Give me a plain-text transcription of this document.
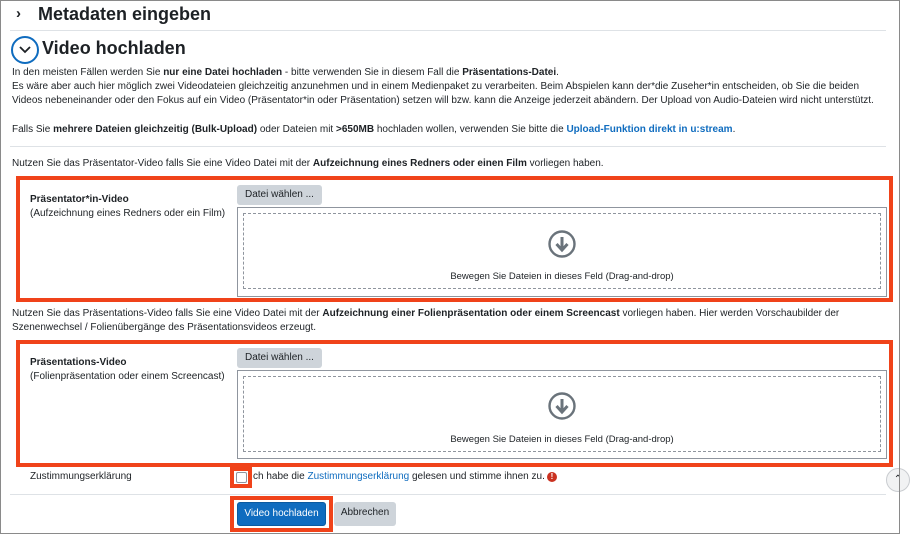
› Metadaten eingeben
Video hochladen
In den meisten Fällen werden Sie nur eine Datei hochladen - bitte verwenden Sie in diesem Fall die Präsentations-Datei.
Es wäre aber auch hier möglich zwei Videodateien gleichzeitig anzunehmen und in einem Medienpaket zu verarbeiten. Beim Abspielen kann der*die Zuseher*in entscheiden, ob Sie die beiden
Videos nebeneinander oder den Fokus auf ein Video (Präsentator*in oder Präsentation) setzen will bzw. kann die Anzeige jederzeit abändern. Der Upload von Audio-Dateien wird nicht unterstützt.
Falls Sie mehrere Dateien gleichzeitig (Bulk-Upload) oder Dateien mit >650MB hochladen wollen, verwenden Sie bitte die Upload-Funktion direkt in u:stream.
Nutzen Sie das Präsentator-Video falls Sie eine Video Datei mit der Aufzeichnung eines Redners oder einen Film vorliegen haben.
Präsentator*in-Video
(Aufzeichnung eines Redners oder ein Film)
Datei wählen ...
Bewegen Sie Dateien in dieses Feld (Drag-and-drop)
Nutzen Sie das Präsentations-Video falls Sie eine Video Datei mit der Aufzeichnung einer Folienpräsentation oder einem Screencast vorliegen haben. Hier werden Vorschaubilder der
Szenenwechsel / Folienübergänge des Präsentationsvideos erzeugt.
Präsentations-Video
(Folienpräsentation oder einem Screencast)
Datei wählen ...
Bewegen Sie Dateien in dieses Feld (Drag-and-drop)
Zustimmungserklärung	ch habe die Zustimmungserklärung gelesen und stimme ihnen zu. !	⌃
Video hochladen	Abbrechen
